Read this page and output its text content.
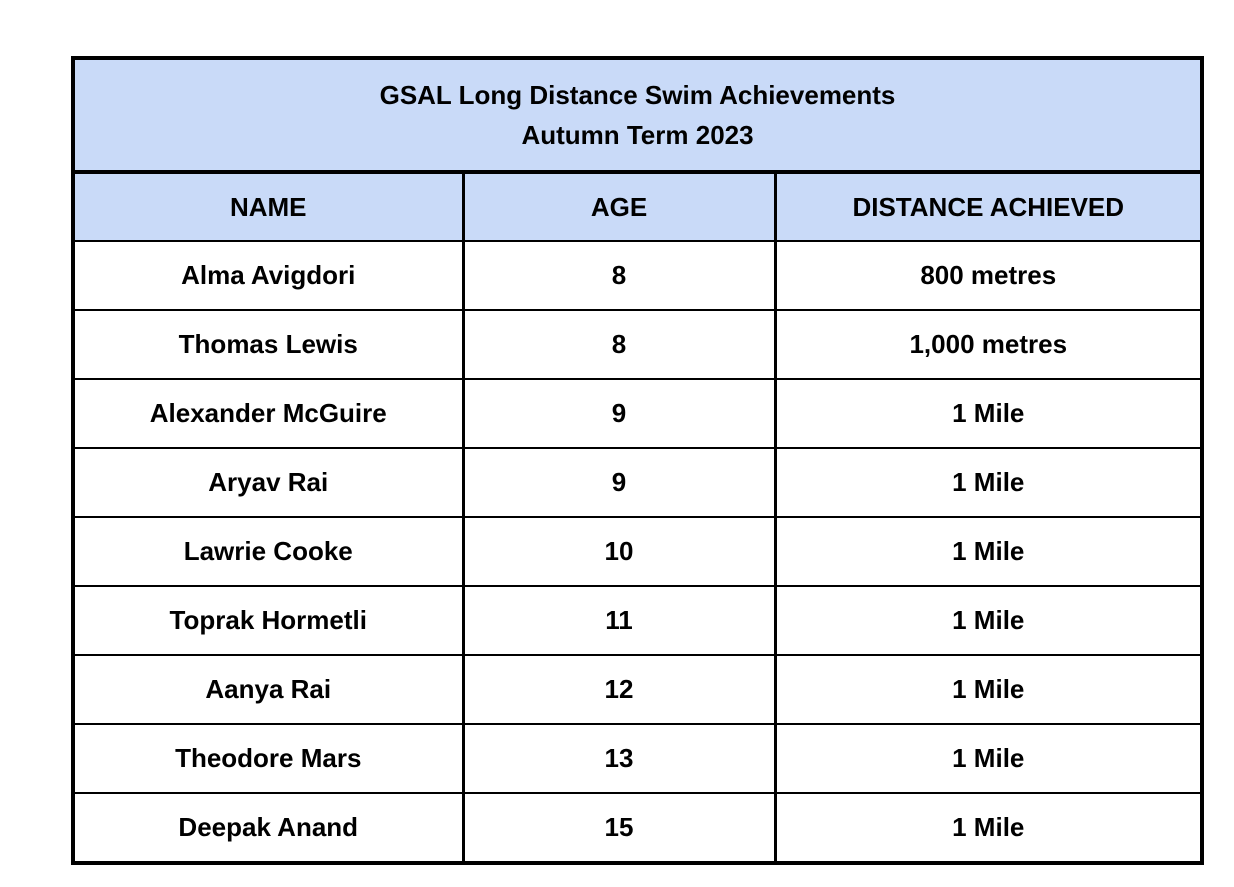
GSAL Long Distance Swim Achievements
Autumn Term 2023		

NAME	AGE	DISTANCE ACHIEVED
Alma Avigdori	8	800 metres
Thomas Lewis	8	1,000 metres
Alexander McGuire	9	1 Mile
Aryav Rai	9	1 Mile
Lawrie Cooke	10	1 Mile
Toprak Hormetli	11	1 Mile
Aanya Rai	12	1 Mile
Theodore Mars	13	1 Mile
Deepak Anand	15	1 Mile
